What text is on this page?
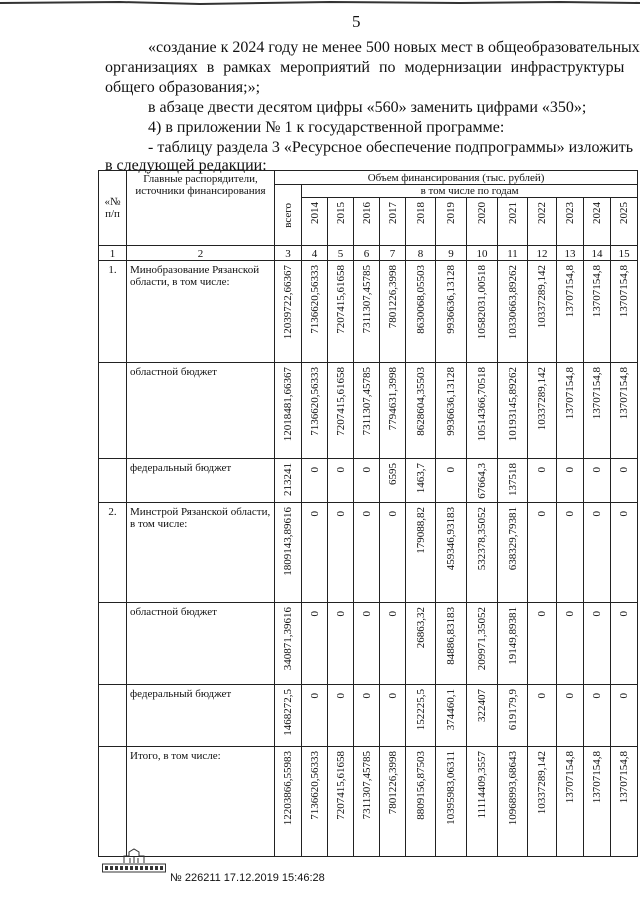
5
«создание к 2024 году не менее 500 новых мест в общеобразовательных
организациях в рамках мероприятий по модернизации инфраструктуры
общего образования;»;
в абзаце двести десятом цифры «560» заменить цифрами «350»;
4) в приложении № 1 к государственной программе:
- таблицу раздела 3 «Ресурсное обеспечение подпрограммы» изложить
в следующей редакции:
«№ п/п	Главные распорядители, источники финансирования	Объем финансирования (тыс. рублей)												
		всего	в том числе по годам											
			2014	2015	2016	2017	2018	2019	2020	2021	2022	2023	2024	2025
1	2	3	4	5	6	7	8	9	10	11	12	13	14	15
1.	Минобразование Рязанской области, в том числе:	12039722,66367	7136620,56333	7207415,61658	7311307,45785	7801226,3998	8630068,05503	9936636,13128	10582031,00518	10330663,89262	10337289,142	13707154,8	13707154,8	13707154,8
	областной бюджет	12018481,66367	7136620,56333	7207415,61658	7311307,45785	7794631,3998	8628604,35503	9936636,13128	10514366,70518	10193145,89262	10337289,142	13707154,8	13707154,8	13707154,8
	федеральный бюджет	213241	0	0	0	6595	1463,7	0	67664,3	137518	0	0	0	0
2.	Минстрой Рязанской области, в том числе:	1809143,89616	0	0	0	0	179088,82	459346,93183	532378,35052	638329,79381	0	0	0	0
	областной бюджет	340871,39616	0	0	0	0	26863,32	84886,83183	209971,35052	19149,89381	0	0	0	0
	федеральный бюджет	1468272,5	0	0	0	0	152225,5	374460,1	322407	619179,9	0	0	0	0
	Итого, в том числе:	12203866,55983	7136620,56333	7207415,61658	7311307,45785	7801226,3998	8809156,87503	10395983,06311	11114409,3557	10968993,68643	10337289,142	13707154,8	13707154,8	13707154,8
№ 226211 17.12.2019 15:46:28
